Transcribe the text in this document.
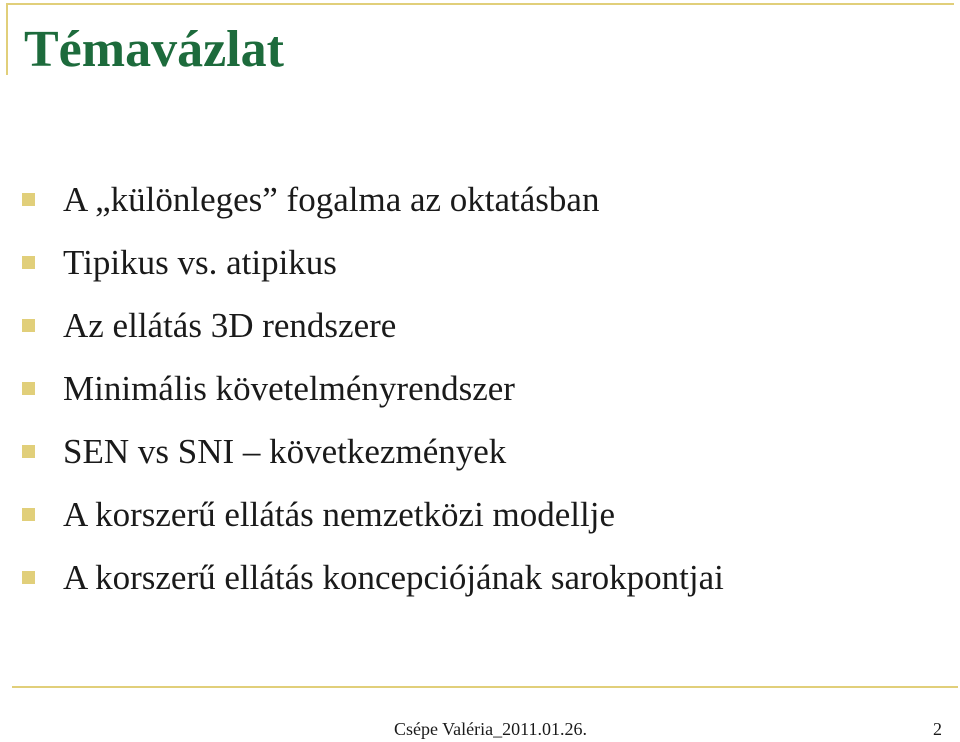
Témavázlat
A „különleges” fogalma az oktatásban
Tipikus vs. atipikus
Az ellátás 3D rendszere
Minimális követelményrendszer
SEN vs SNI – következmények
A korszerű ellátás nemzetközi modellje
A korszerű ellátás koncepciójának sarokpontjai
Csépe Valéria_2011.01.26.	2
